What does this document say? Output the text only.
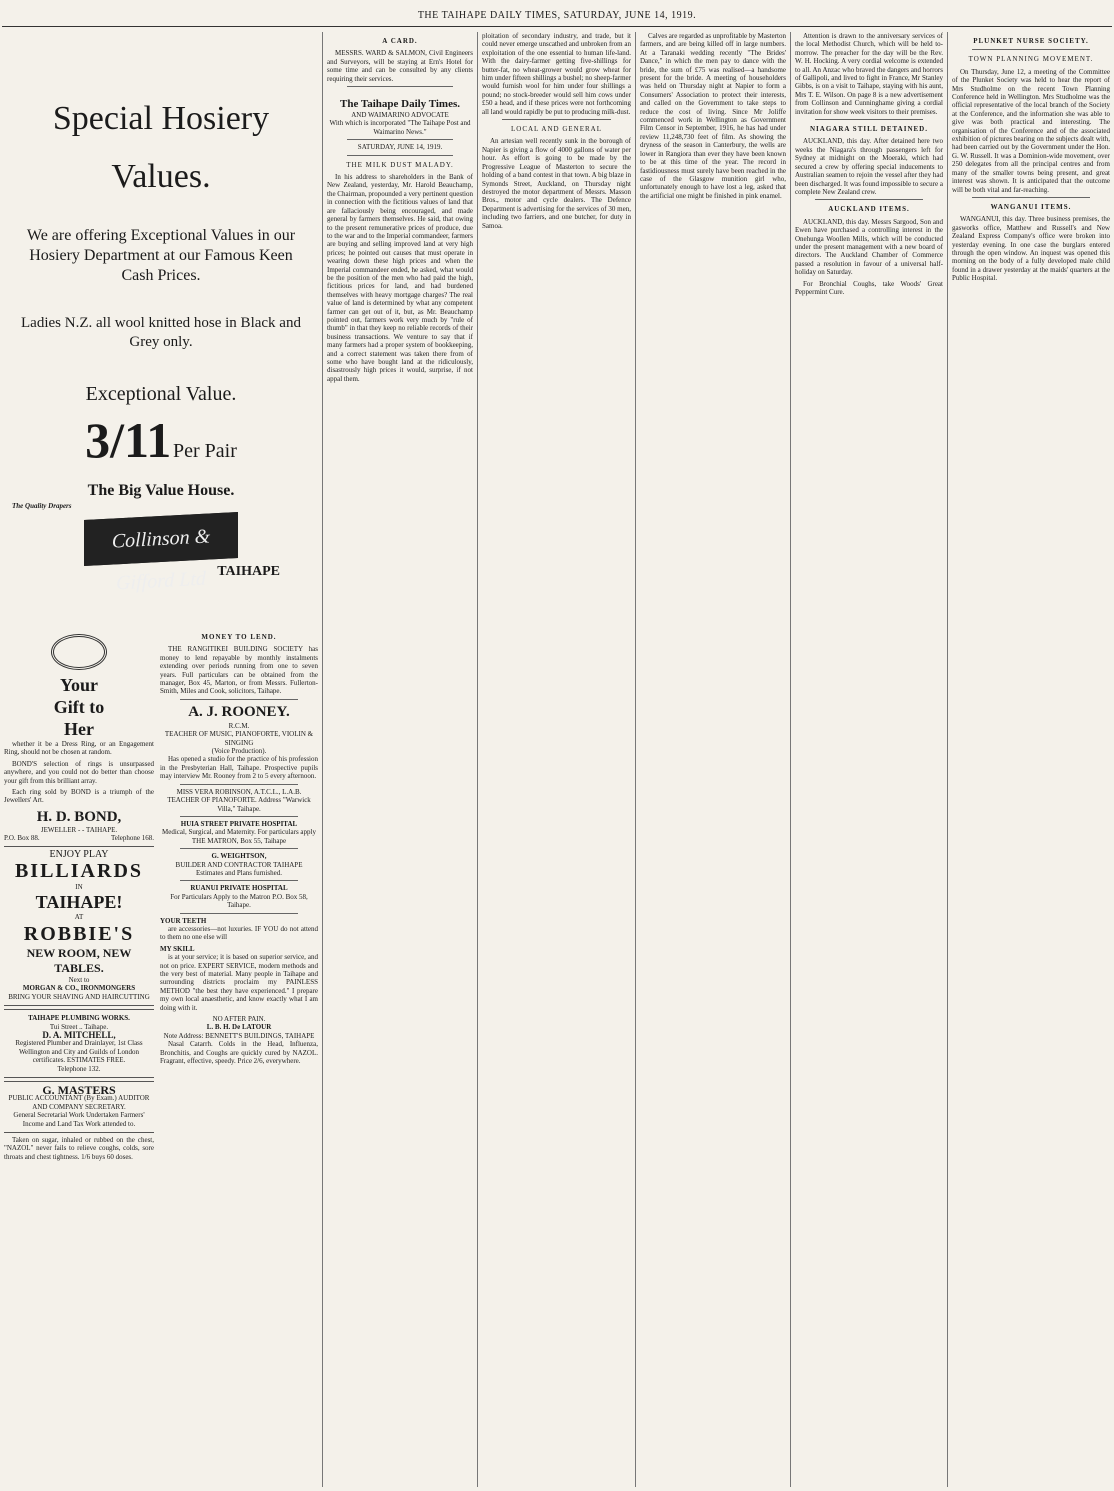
THE TAIHAPE DAILY TIMES, SATURDAY, JUNE 14, 1919.
Special Hosiery
Values.
We are offering Exceptional Values in our Hosiery Department at our Famous Keen Cash Prices.
Ladies N.Z. all wool knitted hose in Black and Grey only.
Exceptional Value.
3/11 Per Pair
The Big Value House.
The Quality Drapers
Collinson & Gifford Ltd TAIHAPE
Your
Gift to
Her

whether it be a Dress Ring, or an Engagement Ring, should not be chosen at random.

BOND'S selection of rings is unsurpassed anywhere, and you could not do better than choose your gift from this brilliant array.

Each ring sold by BOND is a triumph of the Jewellers' Art.

H. D. BOND,
JEWELLER - - TAIHAPE.
P.O. Box 88.	Telephone 168.
ENJOY PLAY
BILLIARDS
IN
TAIHAPE!
AT
ROBBIE'S
NEW ROOM, NEW TABLES.
Next to
MORGAN & CO., IRONMONGERS
BRING YOUR SHAVING AND HAIRCUTTING
TAIHAPE PLUMBING WORKS.
Tui Street .. Taihape.
D. A. MITCHELL,
Registered Plumber and Drainlayer, 1st Class Wellington and City and Guilds of London certificates. ESTIMATES FREE.
Telephone 132.
G. MASTERS
PUBLIC ACCOUNTANT (By Exam.) AUDITOR AND COMPANY SECRETARY.
General Secretarial Work Undertaken Farmers' Income and Land Tax Work attended to.

Taken on sugar, inhaled or rubbed on the chest, "NAZOL" never fails to relieve coughs, colds, sore throats and chest tightness. 1/6 buys 60 doses.

MONEY TO LEND.

THE RANGITIKEI BUILDING SOCIETY has money to lend repayable by monthly instalments extending over periods running from one to seven years. Full particulars can be obtained from the manager, Box 45, Marton, or from Messrs. Fullerton-Smith, Miles and Cook, solicitors, Taihape.

A. J. ROONEY.
R.C.M.
TEACHER OF MUSIC, PIANOFORTE, VIOLIN & SINGING
(Voice Production).

Has opened a studio for the practice of his profession in the Presbyterian Hall, Taihape. Prospective pupils may interview Mr. Rooney from 2 to 5 every afternoon.

MISS VERA ROBINSON, A.T.C.L., L.A.B.
TEACHER OF PIANOFORTE. Address "Warwick Villa," Taihape.
HUIA STREET PRIVATE HOSPITAL
Medical, Surgical, and Maternity. For particulars apply THE MATRON, Box 55, Taihape
G. WEIGHTSON,
BUILDER AND CONTRACTOR TAIHAPE
Estimates and Plans furnished.
RUANUI PRIVATE HOSPITAL
For Particulars Apply to the Matron P.O. Box 58, Taihape.
YOUR TEETH

are accessories—not luxuries. IF YOU do not attend to them no one else will

MY SKILL

is at your service; it is based on superior service, and not on price. EXPERT SERVICE, modern methods and the very best of material. Many people in Taihape and surrounding districts proclaim my PAINLESS METHOD "the best they have experienced." I prepare my own local anaesthetic, and know exactly what I am doing with it.

NO AFTER PAIN.
L. B. H. De LATOUR
Note Address: BENNETT'S BUILDINGS, TAIHAPE

Nasal Catarrh. Colds in the Head, Influenza, Bronchitis, and Coughs are quickly cured by NAZOL. Fragrant, effective, speedy. Price 2/6, everywhere.

A CARD.

MESSRS. WARD & SALMON, Civil Engineers and Surveyors, will be staying at Ern's Hotel for some time and can be consulted by any clients requiring their services.

The Taihape Daily Times.
AND WAIMARINO ADVOCATE
With which is incorporated "The Taihape Post and Waimarino News."
SATURDAY, JUNE 14, 1919.
THE MILK DUST MALADY.

In his address to shareholders in the Bank of New Zealand, yesterday, Mr. Harold Beauchamp, the Chairman, propounded a very pertinent question in connection with the fictitious values of land that are fallaciously being encouraged, and made general by farmers themselves. He said, that owing to the present remunerative prices of produce, due to the war and to the Imperial commandeer, farmers are buying and selling improved land at very high prices; he pointed out causes that must operate in wearing down these high prices and when the Imperial commandeer ended, he asked, what would be the position of the men who had paid the high, fictitious prices for land, and had burdened themselves with heavy mortgage charges? The real value of land is determined by what any competent farmer can get out of it, but, as Mr. Beauchamp pointed out, farmers work very much by "rule of thumb" in that they keep no reliable records of their business transactions. We venture to say that if many farmers had a proper system of bookkeeping, and a correct statement was taken there from of some who have bought land at the ridiculously, disastrously high prices it would, surprise, if not appal them.

ploitation of secondary industry, and trade, but it could never emerge unscathed and unbroken from an exploitation of the one essential to human life-land. With the dairy-farmer getting five-shillings for butter-fat, no wheat-grower would grow wheat for him under fifteen shillings a bushel; no sheep-farmer would furnish wool for him under four shillings a pound; no stock-breeder would sell him cows under £50 a head, and if these prices were not forthcoming all land would rapidly be put to producing milk-dust.

LOCAL AND GENERAL

An artesian well recently sunk in the borough of Napier is giving a flow of 4000 gallons of water per hour. As effort is going to be made by the Progressive League of Masterton to secure the holding of a band contest in that town. A big blaze in Symonds Street, Auckland, on Thursday night destroyed the motor department of Messrs. Masson Bros., motor and cycle dealers. The Defence Department is advertising for the services of 30 men, including two farriers, and one butcher, for duty in Samoa.

Calves are regarded as unprofitable by Masterton farmers, and are being killed off in large numbers. At a Taranaki wedding recently "The Brides' Dance," in which the men pay to dance with the bride, the sum of £75 was realised—a handsome present for the bride. A meeting of householders was held on Thursday night at Napier to form a Consumers' Association to protect their interests, and called on the Government to take steps to reduce the cost of living. Since Mr Joliffe commenced work in Wellington as Government Film Censor in September, 1916, he has had under review 11,248,730 feet of film. As showing the dryness of the season in Canterbury, the wells are lower in Rangiora than ever they have been known to be at this time of the year. The record in fastidiousness must surely have been reached in the case of the Glasgow munition girl who, unfortunately enough to have lost a leg, asked that the artificial one might be finished in pink enamel.

Attention is drawn to the anniversary services of the local Methodist Church, which will be held to-morrow. The preacher for the day will be the Rev. W. H. Hocking. A very cordial welcome is extended to all. An Anzac who braved the dangers and horrors of Gallipoli, and lived to fight in France, Mr Stanley Gibbs, is on a visit to Taihape, staying with his aunt, Mrs T. E. Wilson. On page 8 is a new advertisement from Collinson and Cunninghame giving a cordial invitation for show week visitors to their premises.

NIAGARA STILL DETAINED.

AUCKLAND, this day. After detained here two weeks the Niagara's through passengers left for Sydney at midnight on the Moeraki, which had secured a crew by offering special inducements to Australian seamen to rejoin the vessel after they had been discharged. It was found impossible to secure a complete New Zealand crew.

AUCKLAND ITEMS.

AUCKLAND, this day. Messrs Sargood, Son and Ewen have purchased a controlling interest in the Onehunga Woollen Mills, which will be conducted under the present management with a new board of directors. The Auckland Chamber of Commerce passed a resolution in favour of a universal half-holiday on Saturday.

For Bronchial Coughs, take Woods' Great Peppermint Cure.

PLUNKET NURSE SOCIETY.
TOWN PLANNING MOVEMENT.

On Thursday, June 12, a meeting of the Committee of the Plunket Society was held to hear the report of Mrs Studholme on the recent Town Planning Conference held in Wellington. Mrs Studholme was the official representative of the local branch of the Society at the Conference, and the information she was able to give was both practical and interesting. The organisation of the Conference and of the associated exhibition of pictures bearing on the subjects dealt with, had been carried out by the Government under the Hon. G. W. Russell. It was a Dominion-wide movement, over 250 delegates from all the principal centres and from many of the smaller towns being present, and great interest was shown. It is anticipated that the outcome will be both vital and far-reaching.

WANGANUI ITEMS.

WANGANUI, this day. Three business premises, the gasworks office, Matthew and Russell's and New Zealand Express Company's office were broken into yesterday evening. In one case the burglars entered through the open window. An inquest was opened this morning on the body of a fully developed male child found in a drawer yesterday at the maids' quarters at the Public Hospital.
